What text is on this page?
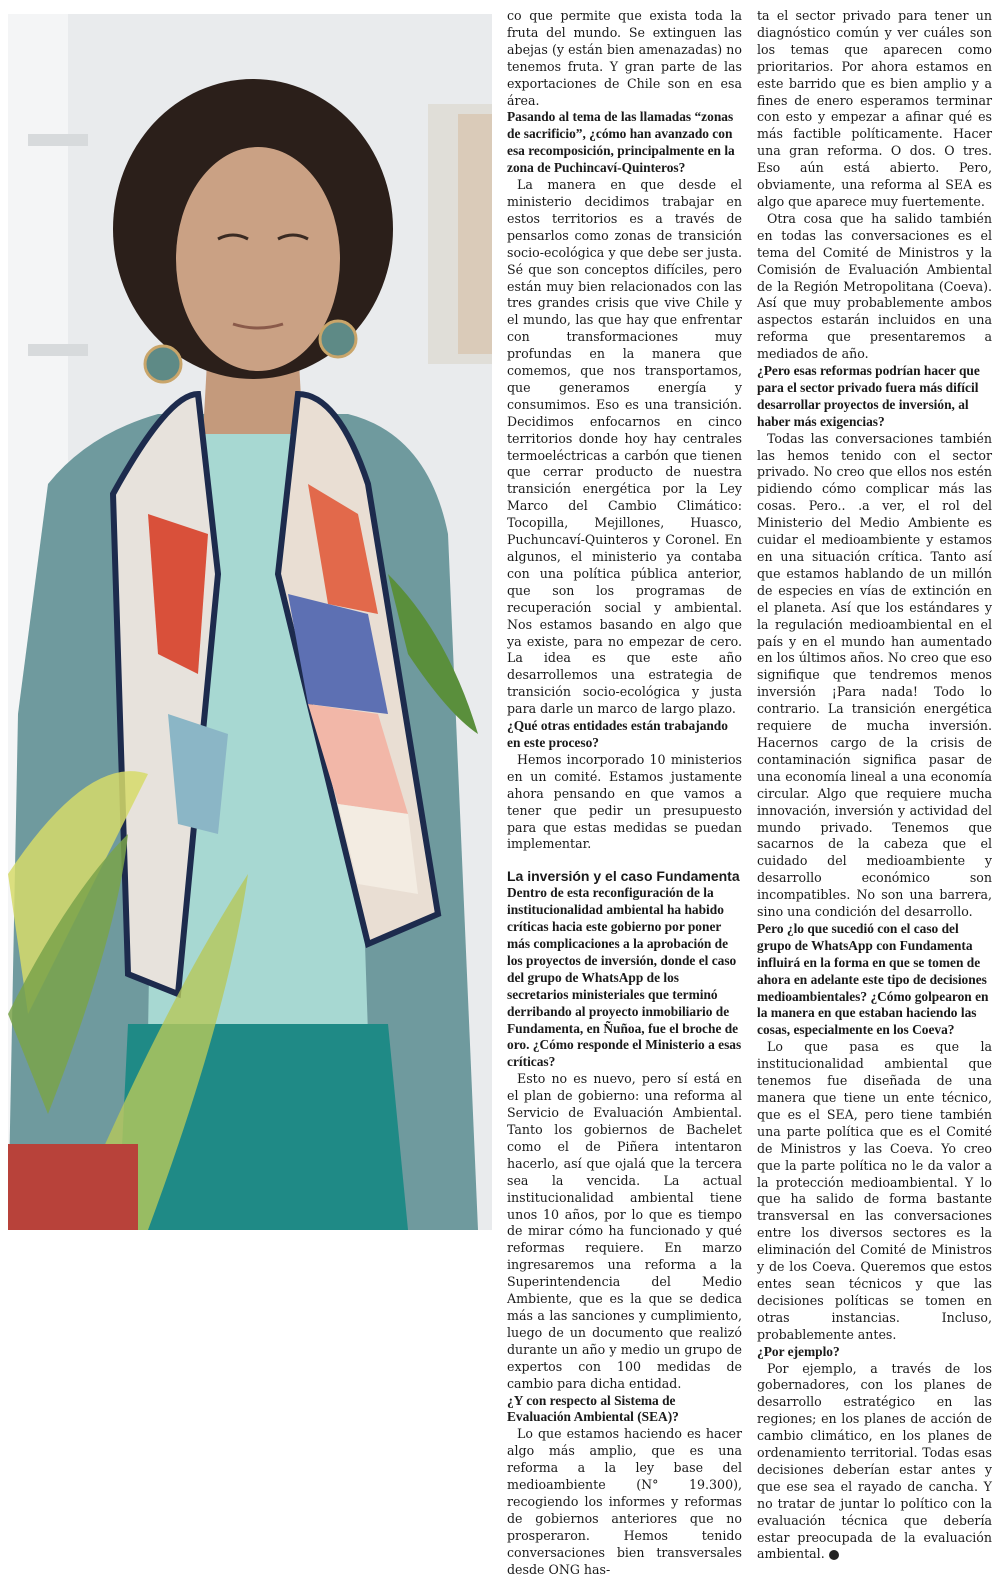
co que permite que exista toda la fruta del mundo. Se extinguen las abejas (y están bien amenazadas) no tenemos fruta. Y gran parte de las exportaciones de Chile son en esa área.

Pasando al tema de las llamadas “zonas de sacrificio”, ¿cómo han avanzado con esa recomposición, principalmente en la zona de Puchincaví-Quinteros?

La manera en que desde el ministerio decidimos trabajar en estos territorios es a través de pensarlos como zonas de transición socio-ecológica y que debe ser justa. Sé que son conceptos difíciles, pero están muy bien relacionados con las tres grandes crisis que vive Chile y el mundo, las que hay que enfrentar con transformaciones muy profundas en la manera que comemos, que nos transportamos, que generamos energía y consumimos. Eso es una transición. Decidimos enfocarnos en cinco territorios donde hoy hay centrales termoeléctricas a carbón que tienen que cerrar producto de nuestra transición energética por la Ley Marco del Cambio Climático: Tocopilla, Mejillones, Huasco, Puchuncaví-Quinteros y Coronel. En algunos, el ministerio ya contaba con una política pública anterior, que son los programas de recuperación social y ambiental. Nos estamos basando en algo que ya existe, para no empezar de cero. La idea es que este año desarrollemos una estrategia de transición socio-ecológica y justa para darle un marco de largo plazo.

¿Qué otras entidades están trabajando en este proceso?

Hemos incorporado 10 ministerios en un comité. Estamos justamente ahora pensando en que vamos a tener que pedir un presupuesto para que estas medidas se puedan implementar.

La inversión y el caso Fundamenta

Dentro de esta reconfiguración de la institucionalidad ambiental ha habido críticas hacia este gobierno por poner más complicaciones a la aprobación de los proyectos de inversión, donde el caso del grupo de WhatsApp de los secretarios ministeriales que terminó derribando al proyecto inmobiliario de Fundamenta, en Ñuñoa, fue el broche de oro. ¿Cómo responde el Ministerio a esas críticas?

Esto no es nuevo, pero sí está en el plan de gobierno: una reforma al Servicio de Evaluación Ambiental. Tanto los gobiernos de Bachelet como el de Piñera intentaron hacerlo, así que ojalá que la tercera sea la vencida. La actual institucionalidad ambiental tiene unos 10 años, por lo que es tiempo de mirar cómo ha funcionado y qué reformas requiere. En marzo ingresaremos una reforma a la Superintendencia del Medio Ambiente, que es la que se dedica más a las sanciones y cumplimiento, luego de un documento que realizó durante un año y medio un grupo de expertos con 100 medidas de cambio para dicha entidad.

¿Y con respecto al Sistema de Evaluación Ambiental (SEA)?

Lo que estamos haciendo es hacer algo más amplio, que es una reforma a la ley base del medioambiente (N° 19.300), recogiendo los informes y reformas de gobiernos anteriores que no prosperaron. Hemos tenido conversaciones bien transversales desde ONG has-

ta el sector privado para tener un diagnóstico común y ver cuáles son los temas que aparecen como prioritarios. Por ahora estamos en este barrido que es bien amplio y a fines de enero esperamos terminar con esto y empezar a afinar qué es más factible políticamente. Hacer una gran reforma. O dos. O tres. Eso aún está abierto. Pero, obviamente, una reforma al SEA es algo que aparece muy fuertemente.

Otra cosa que ha salido también en todas las conversaciones es el tema del Comité de Ministros y la Comisión de Evaluación Ambiental de la Región Metropolitana (Coeva). Así que muy probablemente ambos aspectos estarán incluidos en una reforma que presentaremos a mediados de año.

¿Pero esas reformas podrían hacer que para el sector privado fuera más difícil desarrollar proyectos de inversión, al haber más exigencias?

Todas las conversaciones también las hemos tenido con el sector privado. No creo que ellos nos estén pidiendo cómo complicar más las cosas. Pero.. .a ver, el rol del Ministerio del Medio Ambiente es cuidar el medioambiente y estamos en una situación crítica. Tanto así que estamos hablando de un millón de especies en vías de extinción en el planeta. Así que los estándares y la regulación medioambiental en el país y en el mundo han aumentado en los últimos años. No creo que eso signifique que tendremos menos inversión ¡Para nada! Todo lo contrario. La transición energética requiere de mucha inversión. Hacernos cargo de la crisis de contaminación significa pasar de una economía lineal a una economía circular. Algo que requiere mucha innovación, inversión y actividad del mundo privado. Tenemos que sacarnos de la cabeza que el cuidado del medioambiente y desarrollo económico son incompatibles. No son una barrera, sino una condición del desarrollo.

Pero ¿lo que sucedió con el caso del grupo de WhatsApp con Fundamenta influirá en la forma en que se tomen de ahora en adelante este tipo de decisiones medioambientales? ¿Cómo golpearon en la manera en que estaban haciendo las cosas, especialmente en los Coeva?

Lo que pasa es que la institucionalidad ambiental que tenemos fue diseñada de una manera que tiene un ente técnico, que es el SEA, pero tiene también una parte política que es el Comité de Ministros y las Coeva. Yo creo que la parte política no le da valor a la protección medioambiental. Y lo que ha salido de forma bastante transversal en las conversaciones entre los diversos sectores es la eliminación del Comité de Ministros y de los Coeva. Queremos que estos entes sean técnicos y que las decisiones políticas se tomen en otras instancias. Incluso, probablemente antes.

¿Por ejemplo?

Por ejemplo, a través de los gobernadores, con los planes de desarrollo estratégico en las regiones; en los planes de acción de cambio climático, en los planes de ordenamiento territorial. Todas esas decisiones deberían estar antes y que ese sea el rayado de cancha. Y no tratar de juntar lo político con la evaluación técnica que debería estar preocupada de la evaluación ambiental. P
